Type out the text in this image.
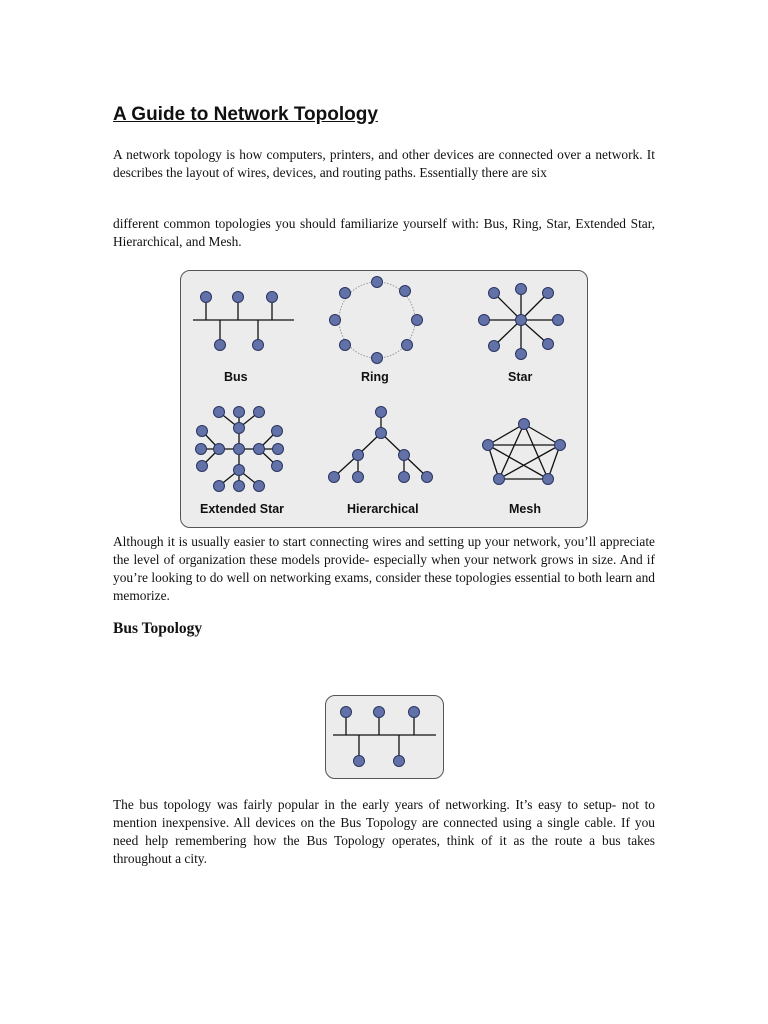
A Guide to Network Topology

A network topology is how computers, printers, and other devices are connected over a network. It describes the layout of wires, devices, and routing paths. Essentially there are six

different common topologies you should familiarize yourself with: Bus, Ring, Star, Extended Star, Hierarchical, and Mesh.

Bus	Ring	Star
Extended Star	Hierarchical	Mesh

Although it is usually easier to start connecting wires and setting up your network, you’ll appreciate the level of organization these models provide- especially when your network grows in size. And if you’re looking to do well on networking exams, consider these topologies essential to both learn and memorize.

Bus Topology

The bus topology was fairly popular in the early years of networking. It’s easy to setup- not to mention inexpensive. All devices on the Bus Topology are connected using a single cable. If you need help remembering how the Bus Topology operates, think of it as the route a bus takes throughout a city.
